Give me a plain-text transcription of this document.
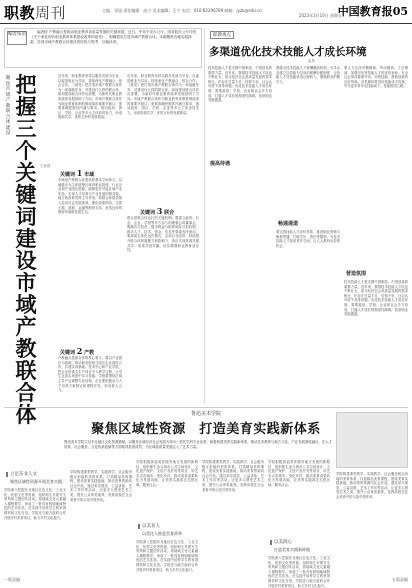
职教周刊	主编：邓旭 责任编辑：高宁 美术编辑：王宁 电话：010-82296789 邮箱：jyzk@edu.cn
2023年3月10日 星期五
中国教育报05
编者按语	编者按 产教融合是推动职业教育高质量发展的关键举措。近日，中共中央办公厅、国务院办公厅印发《关于深化现代职业教育体系建设改革的意见》，明确提出打造市域产教联合体。本版聚焦各地实践探索，呈现市域产教联合体建设的经验与思考，以飨读者。
聚焦市域产教联合体建设
把握三个关键词建设市域产教联合体
近年来，职业教育坚持以服务发展为宗旨、以促进就业为导向，持续深化产教融合、校企合作。《意见》把打造市域产教联合体作为一项战略任务，对建设什么样的联合体、如何建设联合体作出部署，为新时代职业教育改革发展指明了方向。市域产教联合体作为职业教育体制机制改革的重要突破口，需要准确把握其内涵与要求，推动政府、园区、学校、企业等多元主体协同发力，形成资源共享、优势互补的发展格局。
王新波
关键词 1 市域
市域是产教联合体建设的基本空间单元。以地级市为主体统筹区域内职业院校、行业企业和产业园区资源，能够更好对接区域产业布局，实现人才培养与产业发展同频共振。地方政府要发挥主导作用，将联合体建设纳入经济社会发展规划，强化政策供给，完善土地、财税、金融等配套支持，营造良好的制度环境和发展生态。
关键词 2 产教
产教融合是联合体的核心要义。要以产业园区为基础，推动职业院校与园区企业深度合作，共建实训基地、技术中心和产业学院，把企业的真实生产项目引入教学过程，让学生在真实场景中学习技能。学校要围绕区域主导产业调整专业结构，企业要积极参与人才培养方案制定和课程开发，形成育人合力。
近年来，职业教育坚持以服务发展为宗旨、以促进就业为导向，持续深化产教融合、校企合作。《意见》把打造市域产教联合体作为一项战略任务，对建设什么样的联合体、如何建设联合体作出部署，为新时代职业教育改革发展指明了方向。市域产教联合体作为职业教育体制机制改革的重要突破口，需要准确把握其内涵与要求，推动政府、园区、学校、企业等多元主体协同发力，形成资源共享、优势互补的发展格局。
关键词 3 联合
联合是联合体运行的关键机制。要建立政府、行业、企业、学校等多方参与的理事会或董事会，明确各方权责，健全利益分配和风险分担机制，推动人才、技术、资金、信息等要素有序流动。要探索实体化运作模式，以项目为纽带，持续提升联合体的凝聚力和影响力，真正实现资源共建共享、成果共创共赢，切实增强职业教育适应性。
职教视点
多渠道优化技术技能人才成长环境
赵彤
技术技能人才是支撑中国制造、中国创造的重要力量。近年来，我国技术技能人才队伍不断壮大，但与经济社会高质量发展的需求相比，仍存在总量不足、结构不优、社会认可度不高等问题。优化技术技能人才成长环境，需要政府、学校、企业和社会多方协同，打通人才成长的制度性障碍，拓宽职业发展通道。
提高待遇
要健全技术技能人才薪酬激励机制，引导企业建立以技能为导向的薪酬分配制度，让技能人才凭技能获得合理收入，增强职业的吸引力。
畅通通道
要完善技能人才评价体系，推进职业资格与职称贯通，打破学历、资历等限制，为技术技能人才拓宽晋升空间，让人人都有出彩的机会。
要大力弘扬劳模精神、劳动精神、工匠精神，加强对优秀技能人才的宣传表彰，在全社会形成尊重劳动、崇尚技能、鼓励创新的良好风尚。各类媒体要讲好技能成才故事，引导更多青年走技能成才、技能报国之路。
营造氛围
技术技能人才是支撑中国制造、中国创造的重要力量。近年来，我国技术技能人才队伍不断壮大，但与经济社会高质量发展的需求相比，仍存在总量不足、结构不优、社会认可度不高等问题。优化技术技能人才成长环境，需要政府、学校、企业和社会多方协同，打通人才成长的制度性障碍，拓宽职业发展通道。
鲁迅美术学院
聚焦区域性资源　打造美育实践新体系
鲁迅美术学院立足东北地区文化资源禀赋，以服务区域经济社会发展为导向，依托学科专业优势，积极构建美育实践新体系，推动艺术教育与地方文化、产业发展深度融合，在人才培养、社会服务、文化传承创新等方面取得显著成效，为区域高质量发展注入了艺术力量。
立足东北人文
聚焦区域性资源开展美育实践
学院深入挖掘东北地区红色文化、工业文化、民俗文化等资源，组织师生开展写生采风和主题创作活动，将地域文化元素融入课程教学，形成了一批具有鲜明地域特色的艺术作品，在实践中培养学生的家国情怀和文化自信。学院还与地方政府合作开展乡村美育项目，助力乡村文化振兴。
学院构建课堂教学、实践教学、社会服务相互衔接的美育体系，打造精品美育课程，建设美育实践基地，推动美育资源向社会开放。通过举办展览、公益讲座、艺术工作坊等活动，让更多人感受艺术之美，提升公众审美素养，发挥高校在社会美育中的示范引领作用。
学院积极探索美育服务地方发展的新路径，组织师生参与城市公共空间设计、文化遗产保护、文创产品开发等项目，用艺术点亮城市、美化乡村，推动美育成果转化为发展动能，让美育实践真正扎根区域、服务社会。
以美育人
以美化人推进美育改革
学院深入挖掘东北地区红色文化、工业文化、民俗文化等资源，组织师生开展写生采风和主题创作活动，将地域文化元素融入课程教学，形成了一批具有鲜明地域特色的艺术作品，在实践中培养学生的家国情怀和文化自信。学院还与地方政府合作开展乡村美育项目，助力乡村文化振兴。
学院构建课堂教学、实践教学、社会服务相互衔接的美育体系，打造精品美育课程，建设美育实践基地，推动美育资源向社会开放。通过举办展览、公益讲座、艺术工作坊等活动，让更多人感受艺术之美，提升公众审美素养，发挥高校在社会美育中的示范引领作用。
学院积极探索美育服务地方发展的新路径，组织师生参与城市公共空间设计、文化遗产保护、文创产品开发等项目，用艺术点亮城市、美化乡村，推动美育成果转化为发展动能，让美育实践真正扎根区域、服务社会。
以美润心
打造美育实践新阵地
学院深入挖掘东北地区红色文化、工业文化、民俗文化等资源，组织师生开展写生采风和主题创作活动，将地域文化元素融入课程教学，形成了一批具有鲜明地域特色的艺术作品，在实践中培养学生的家国情怀和文化自信。学院还与地方政府合作开展乡村美育项目，助力乡村文化振兴。
学院构建课堂教学、实践教学、社会服务相互衔接的美育体系，打造精品美育课程，建设美育实践基地，推动美育资源向社会开放。通过举办展览、公益讲座、艺术工作坊等活动，让更多人感受艺术之美，提升公众审美素养，发挥高校在社会美育中的示范引领作用。
一版责编	五版责编
